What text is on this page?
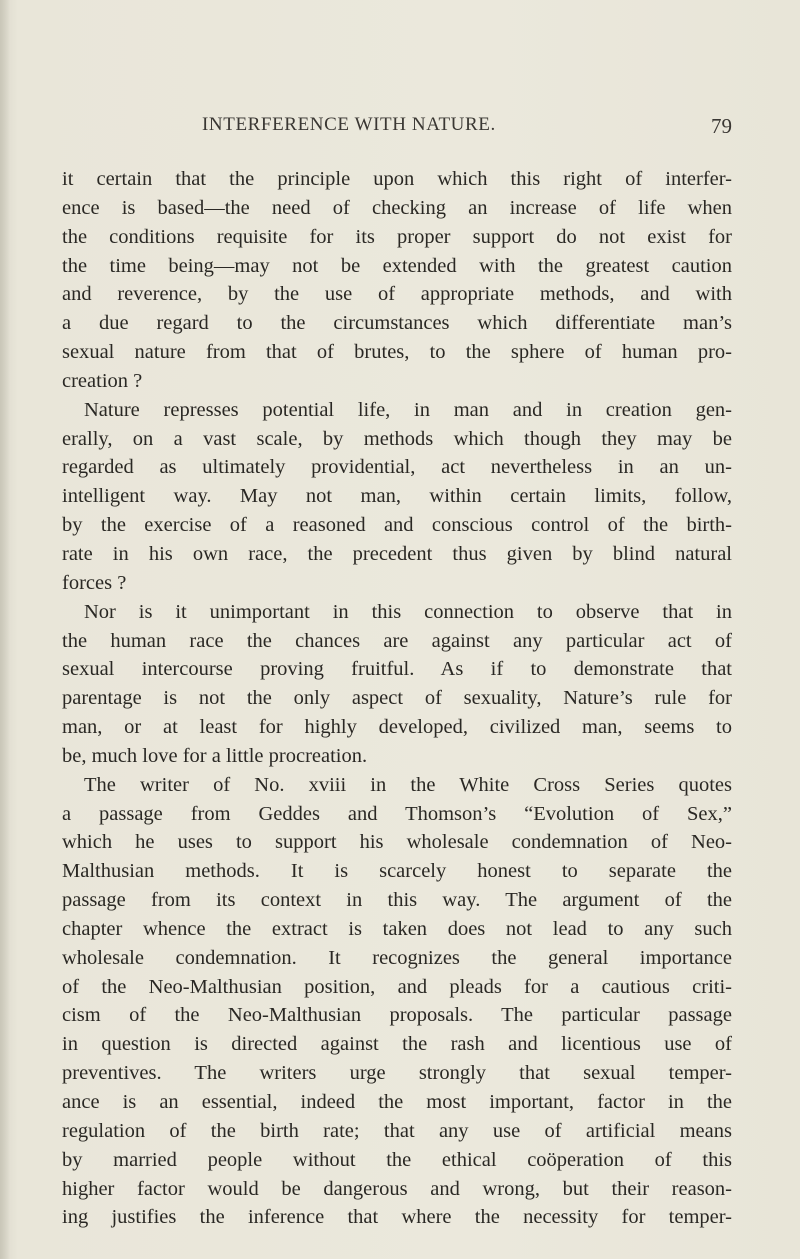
INTERFERENCE WITH NATURE.	79
it certain that the principle upon which this right of interfer-
ence is based—the need of checking an increase of life when
the conditions requisite for its proper support do not exist for
the time being—may not be extended with the greatest caution
and reverence, by the use of appropriate methods, and with
a due regard to the circumstances which differentiate man’s
sexual nature from that of brutes, to the sphere of human pro-
creation ?
Nature represses potential life, in man and in creation gen-
erally, on a vast scale, by methods which though they may be
regarded as ultimately providential, act nevertheless in an un-
intelligent way. May not man, within certain limits, follow,
by the exercise of a reasoned and conscious control of the birth-
rate in his own race, the precedent thus given by blind natural
forces ?
Nor is it unimportant in this connection to observe that in
the human race the chances are against any particular act of
sexual intercourse proving fruitful. As if to demonstrate that
parentage is not the only aspect of sexuality, Nature’s rule for
man, or at least for highly developed, civilized man, seems to
be, much love for a little procreation.
The writer of No. xviii in the White Cross Series quotes
a passage from Geddes and Thomson’s “Evolution of Sex,”
which he uses to support his wholesale condemnation of Neo-
Malthusian methods. It is scarcely honest to separate the
passage from its context in this way. The argument of the
chapter whence the extract is taken does not lead to any such
wholesale condemnation. It recognizes the general importance
of the Neo-Malthusian position, and pleads for a cautious criti-
cism of the Neo-Malthusian proposals. The particular passage
in question is directed against the rash and licentious use of
preventives. The writers urge strongly that sexual temper-
ance is an essential, indeed the most important, factor in the
regulation of the birth rate; that any use of artificial means
by married people without the ethical coöperation of this
higher factor would be dangerous and wrong, but their reason-
ing justifies the inference that where the necessity for temper-
